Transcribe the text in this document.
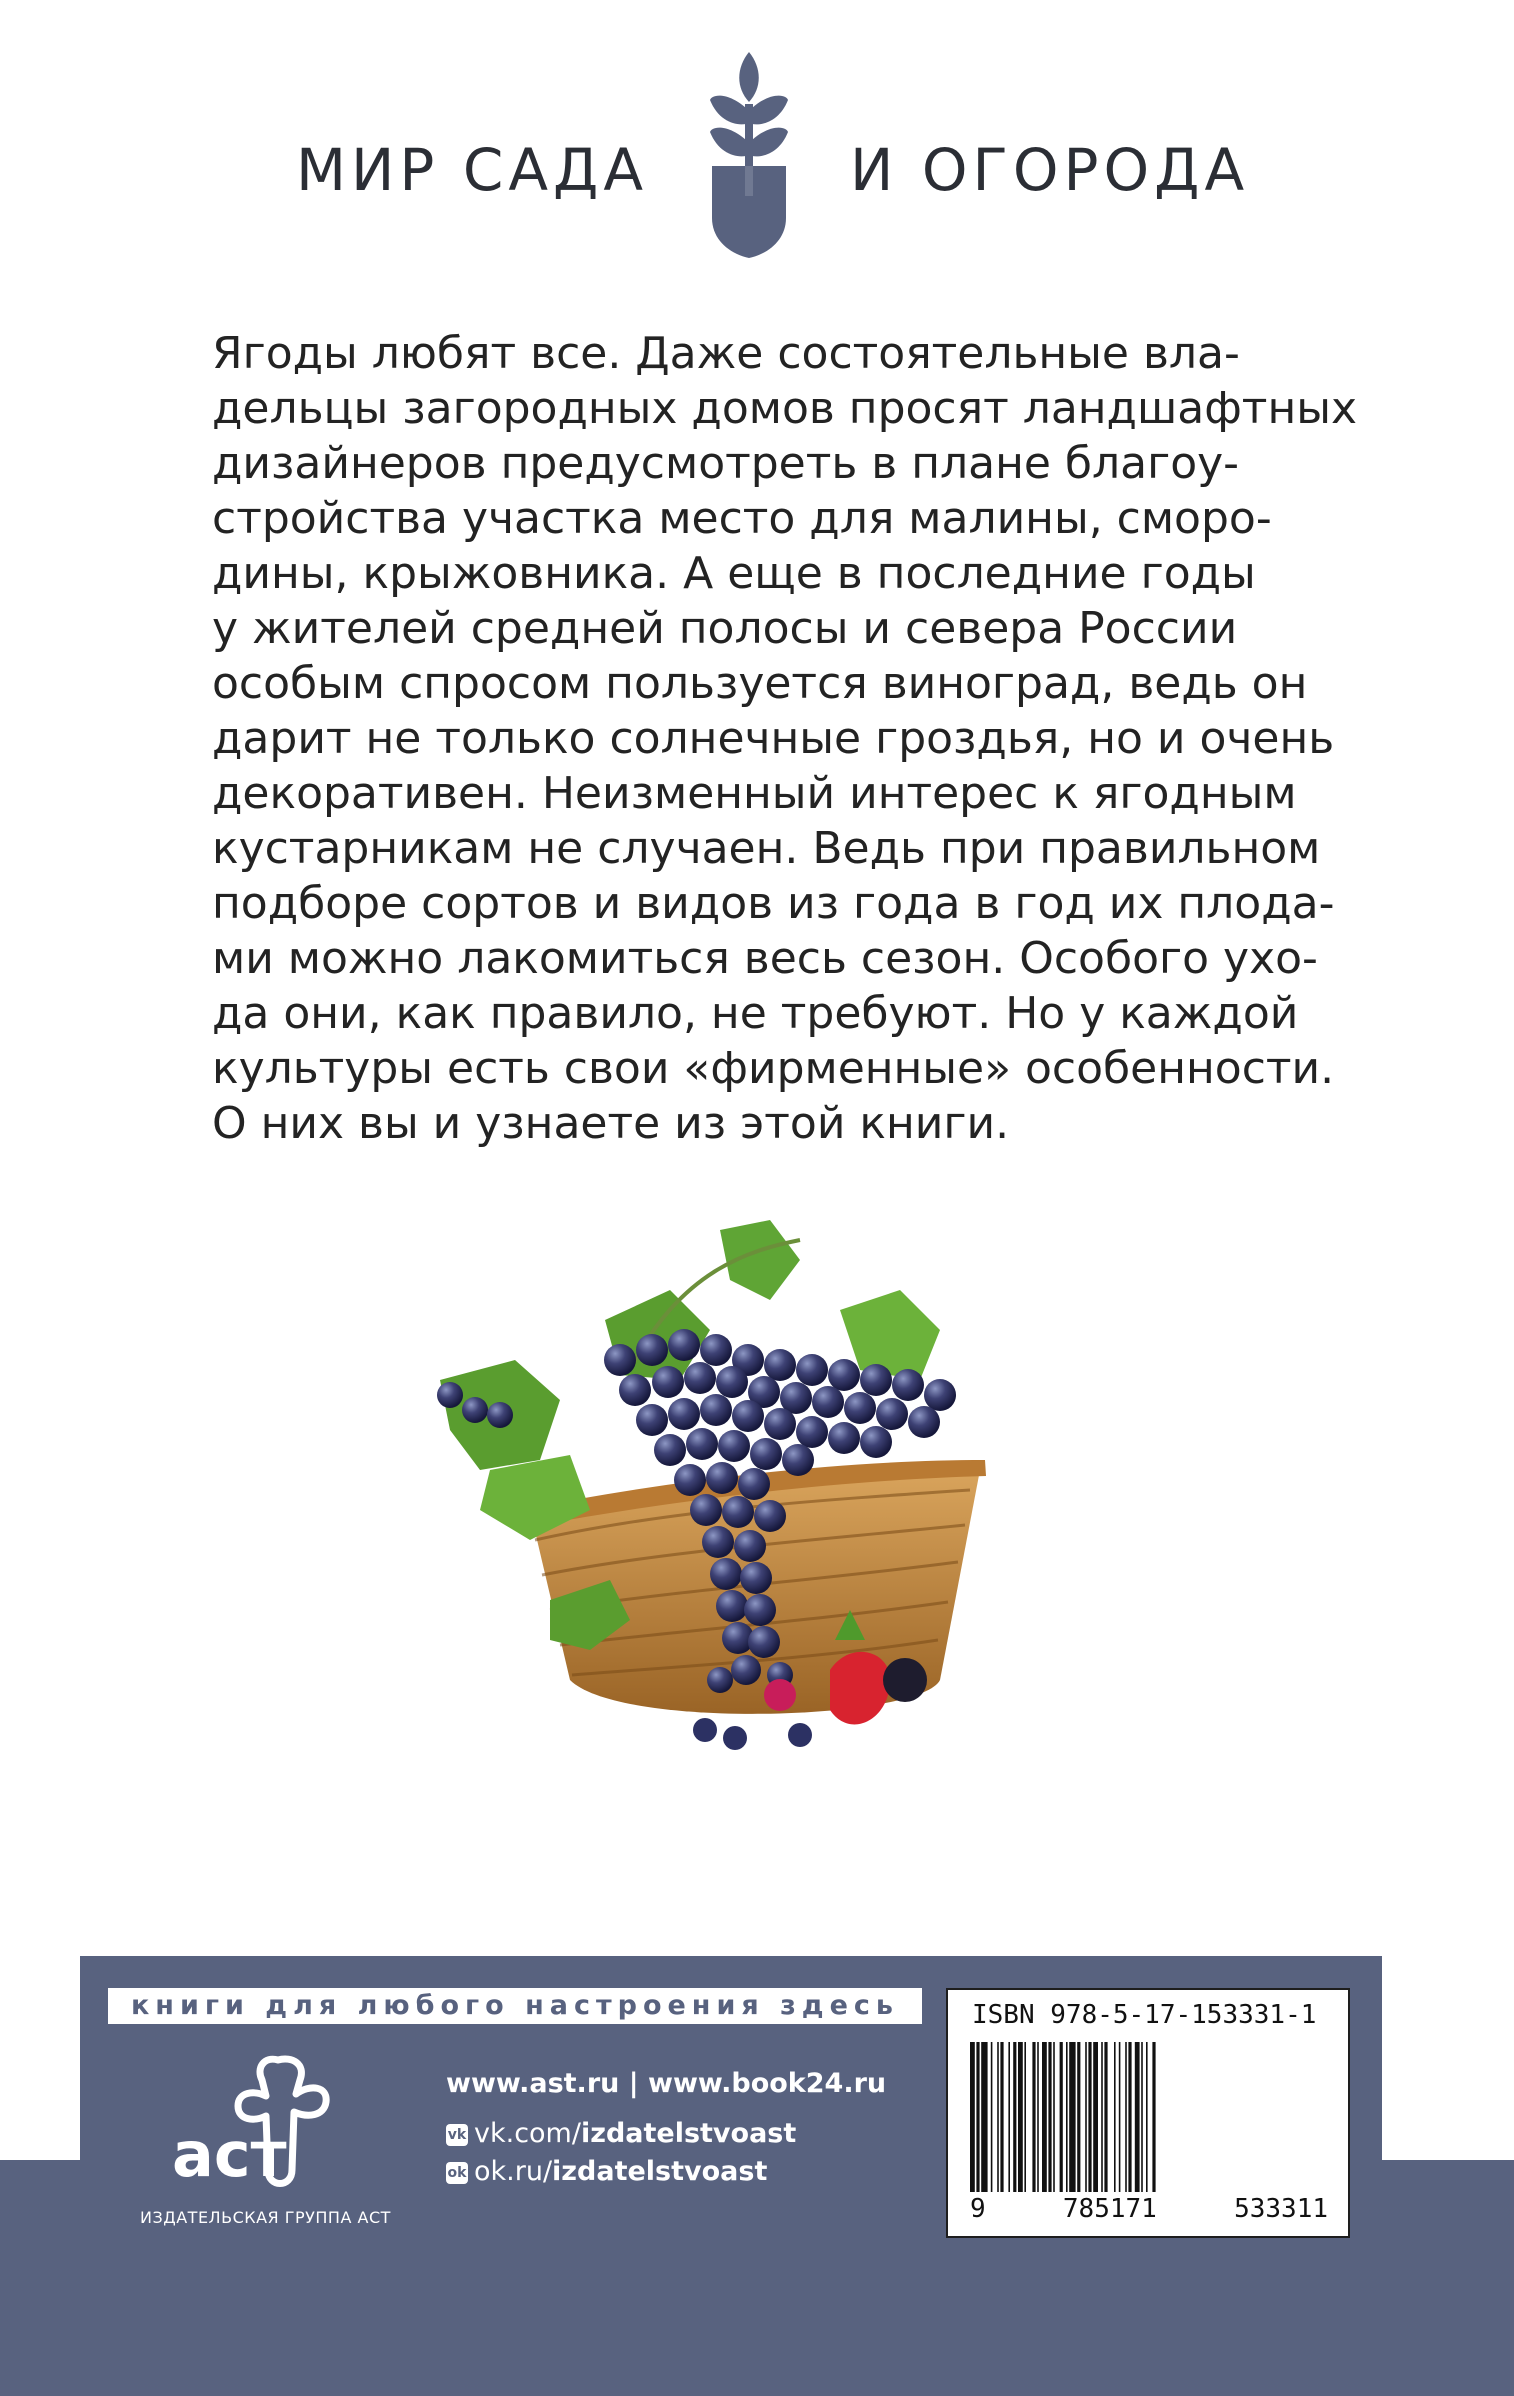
МИР САДА	И ОГОРОДА
Ягоды любят все. Даже состоятельные вла-
дельцы загородных домов просят ландшафтных
дизайнеров предусмотреть в плане благоу-
стройства участка место для малины, сморо-
дины, крыжовника. А еще в последние годы
у жителей средней полосы и севера России
особым спросом пользуется виноград, ведь он
дарит не только солнечные гроздья, но и очень
декоративен. Неизменный интерес к ягодным
кустарникам не случаен. Ведь при правильном
подборе сортов и видов из года в год их плода-
ми можно лакомиться весь сезон. Особого ухо-
да они, как правило, не требуют. Но у каждой
культуры есть свои «фирменные» особенности.
О них вы и узнаете из этой книги.
книги для любого настроения здесь
аст
ИЗДАТЕЛЬСКАЯ ГРУППА АСТ
www.ast.ru | www.book24.ru
vk vk.com/izdatelstvoast
ok ok.ru/izdatelstvoast
ISBN 978-5-17-153331-1
9	785171	533311
